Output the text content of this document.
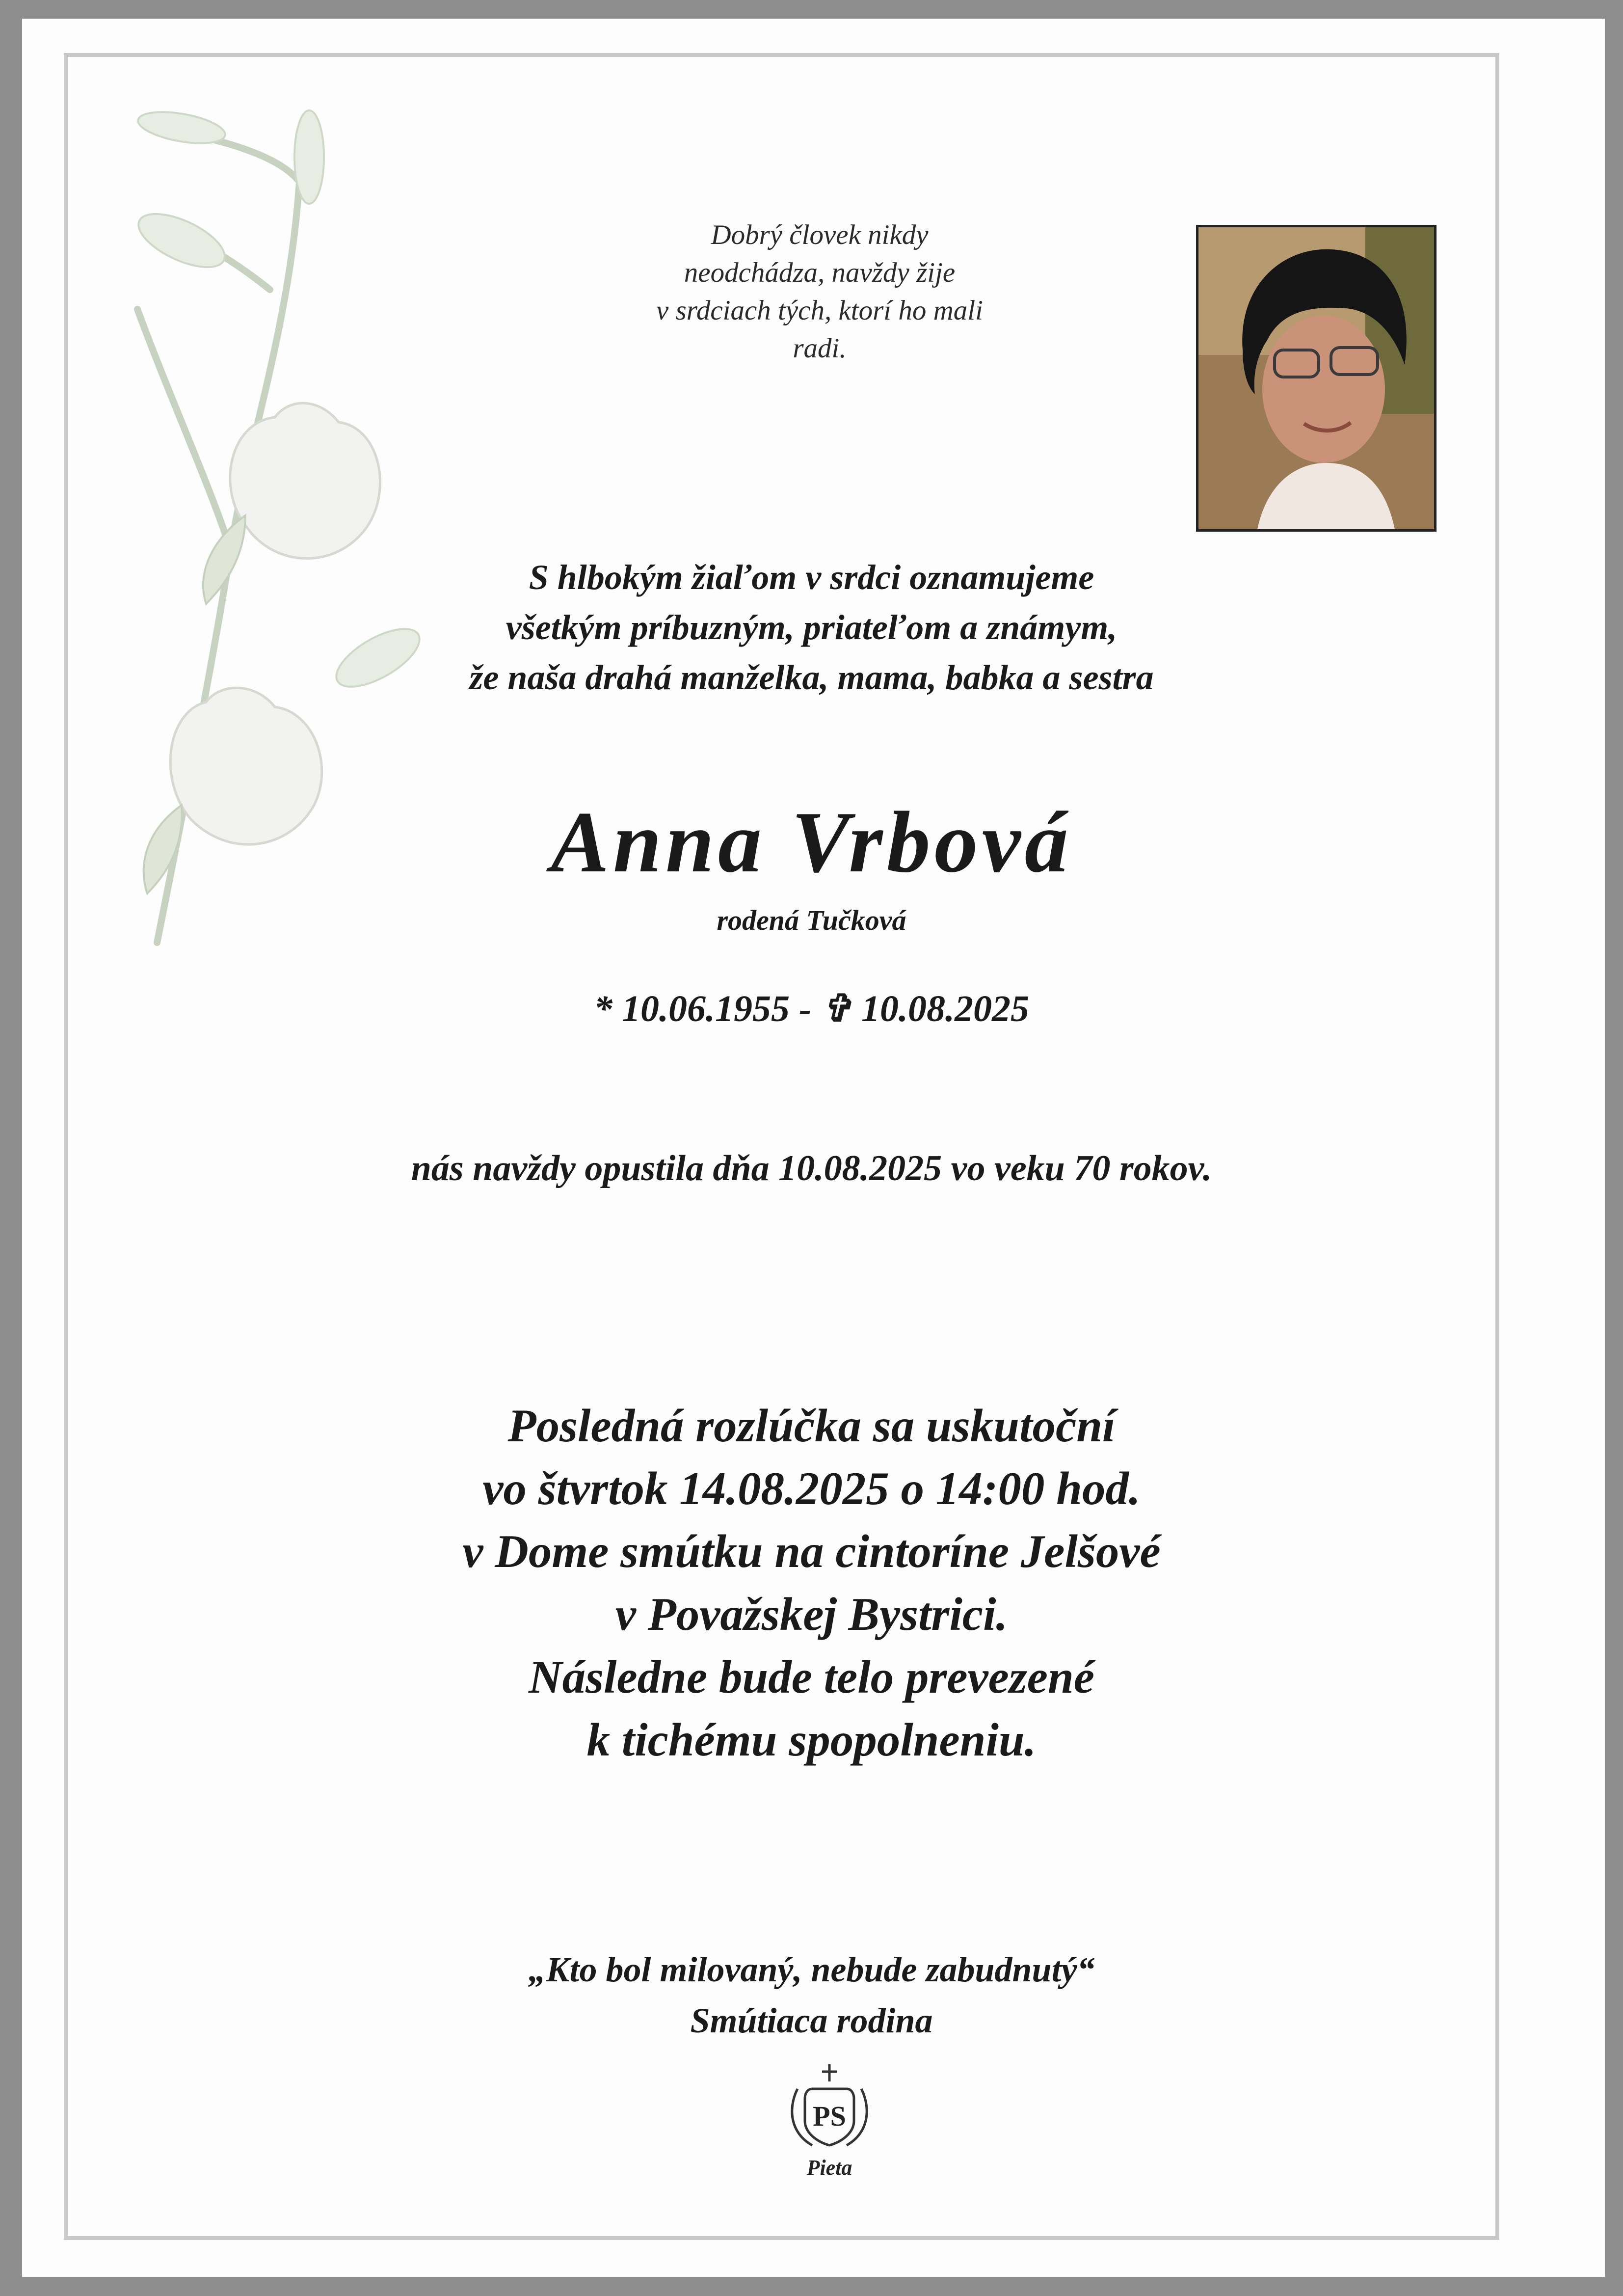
Dobrý človek nikdy
neodchádza, navždy žije
v srdciach tých, ktorí ho mali
radi.
S hlbokým žiaľom v srdci oznamujeme
všetkým príbuzným, priateľom a známym,
že naša drahá manželka, mama, babka a sestra
Anna Vrbová
rodená Tučková
* 10.06.1955 - ✞ 10.08.2025
nás navždy opustila dňa 10.08.2025 vo veku 70 rokov.
Posledná rozlúčka sa uskutoční
vo štvrtok 14.08.2025 o 14:00 hod.
v Dome smútku na cintoríne Jelšové
v Považskej Bystrici.
Následne bude telo prevezené
k tichému spopolneniu.
„Kto bol milovaný, nebude zabudnutý“
Smútiaca rodina
PS
Pieta
